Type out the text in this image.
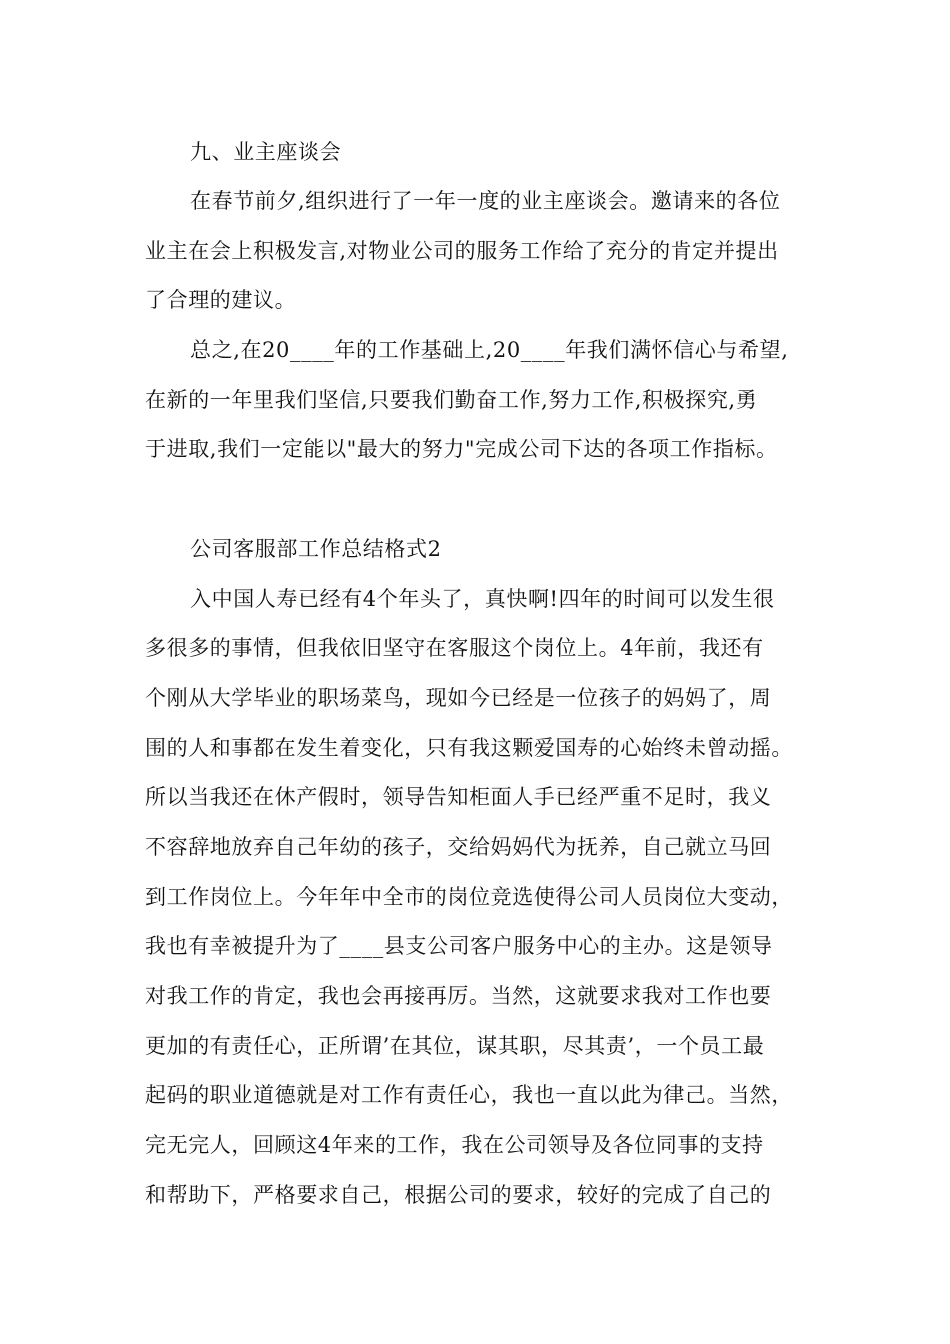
九、业主座谈会
在春节前夕,组织进行了一年一度的业主座谈会。邀请来的各位
业主在会上积极发言,对物业公司的服务工作给了充分的肯定并提出
了合理的建议。
总之,在20____年的工作基础上,20____年我们满怀信心与希望,
在新的一年里我们坚信,只要我们勤奋工作,努力工作,积极探究,勇
于进取,我们一定能以"最大的努力"完成公司下达的各项工作指标。
公司客服部工作总结格式2
入中国人寿已经有4个年头了，真快啊!四年的时间可以发生很
多很多的事情，但我依旧坚守在客服这个岗位上。4年前，我还有
个刚从大学毕业的职场菜鸟，现如今已经是一位孩子的妈妈了，周
围的人和事都在发生着变化，只有我这颗爱国寿的心始终未曾动摇。
所以当我还在休产假时，领导告知柜面人手已经严重不足时，我义
不容辞地放弃自己年幼的孩子，交给妈妈代为抚养，自己就立马回
到工作岗位上。今年年中全市的岗位竞选使得公司人员岗位大变动，
我也有幸被提升为了____县支公司客户服务中心的主办。这是领导
对我工作的肯定，我也会再接再厉。当然，这就要求我对工作也要
更加的有责任心，正所谓’在其位，谋其职，尽其责’，一个员工最
起码的职业道德就是对工作有责任心，我也一直以此为律己。当然，
完无完人，回顾这4年来的工作，我在公司领导及各位同事的支持
和帮助下，严格要求自己，根据公司的要求，较好的完成了自己的
